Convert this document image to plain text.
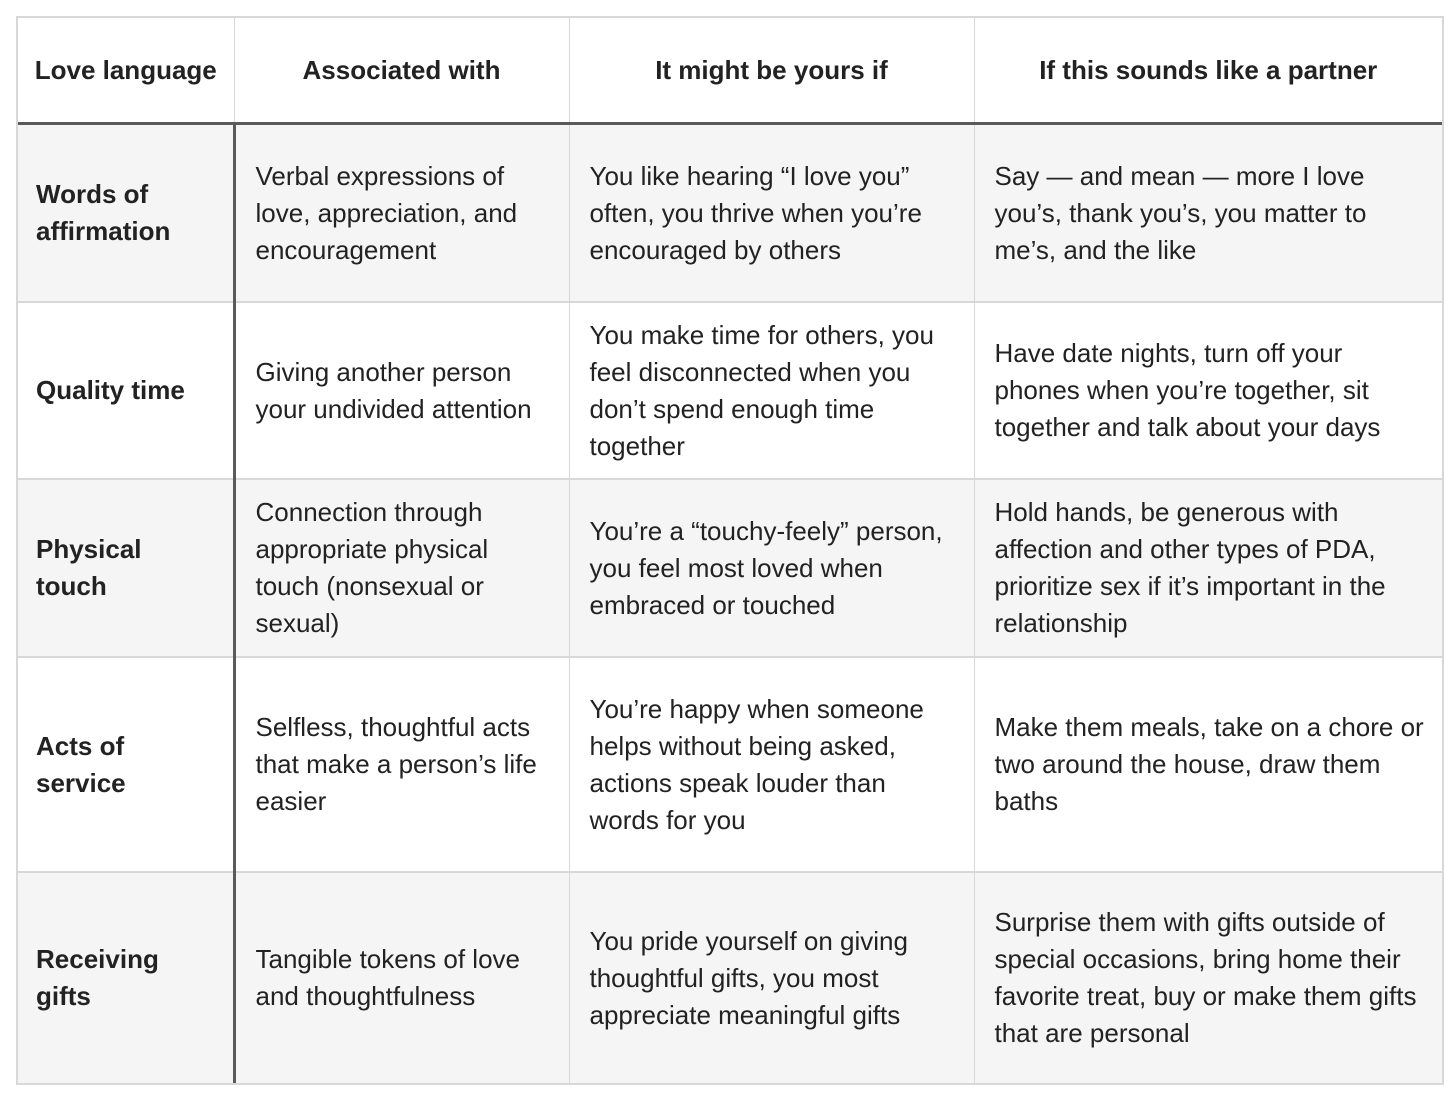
Love language	Associated with	It might be yours if	If this sounds like a partner
Words of affirmation	Verbal expressions of love, appreciation, and encouragement	You like hearing “I love you” often, you thrive when you’re encouraged by others	Say — and mean — more I love you’s, thank you’s, you matter to me’s, and the like
Quality time	Giving another person your undivided attention	You make time for others, you feel disconnected when you don’t spend enough time together	Have date nights, turn off your phones when you’re together, sit together and talk about your days
Physical touch	Connection through appropriate physical touch (nonsexual or sexual)	You’re a “touchy-feely” person, you feel most loved when embraced or touched	Hold hands, be generous with affection and other types of PDA, prioritize sex if it’s important in the relationship
Acts of service	Selfless, thoughtful acts that make a person’s life easier	You’re happy when someone helps without being asked, actions speak louder than words for you	Make them meals, take on a chore or two around the house, draw them baths
Receiving gifts	Tangible tokens of love and thoughtfulness	You pride yourself on giving thoughtful gifts, you most appreciate meaningful gifts	Surprise them with gifts outside of special occasions, bring home their favorite treat, buy or make them gifts that are personal
